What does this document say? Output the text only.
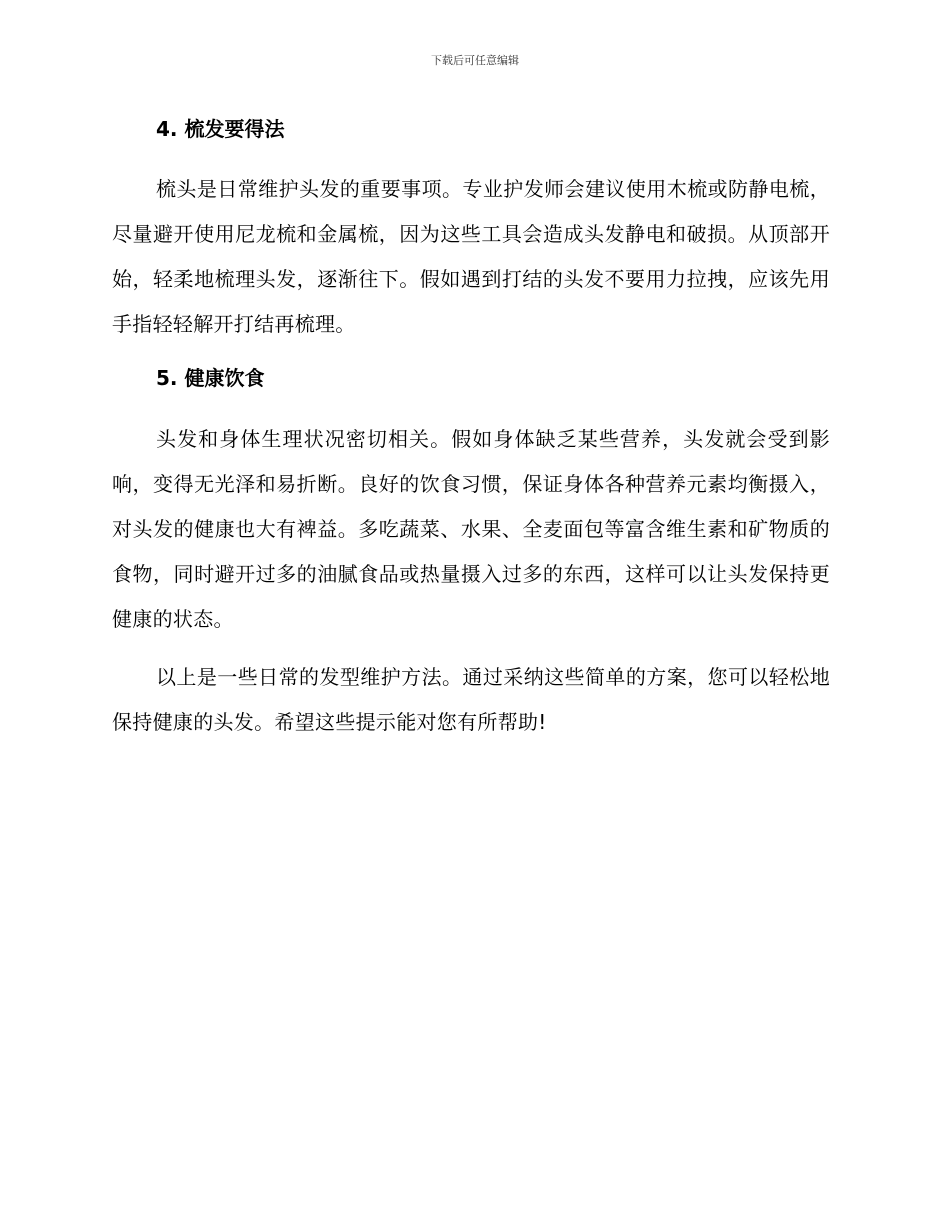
下载后可任意编辑
4. 梳发要得法

梳头是日常维护头发的重要事项。专业护发师会建议使用木梳或防静电梳，尽量避开使用尼龙梳和金属梳，因为这些工具会造成头发静电和破损。从顶部开始，轻柔地梳理头发，逐渐往下。假如遇到打结的头发不要用力拉拽，应该先用手指轻轻解开打结再梳理。

5. 健康饮食

头发和身体生理状况密切相关。假如身体缺乏某些营养，头发就会受到影响，变得无光泽和易折断。良好的饮食习惯，保证身体各种营养元素均衡摄入，对头发的健康也大有裨益。多吃蔬菜、水果、全麦面包等富含维生素和矿物质的食物，同时避开过多的油腻食品或热量摄入过多的东西，这样可以让头发保持更健康的状态。

以上是一些日常的发型维护方法。通过采纳这些简单的方案，您可以轻松地保持健康的头发。希望这些提示能对您有所帮助!
